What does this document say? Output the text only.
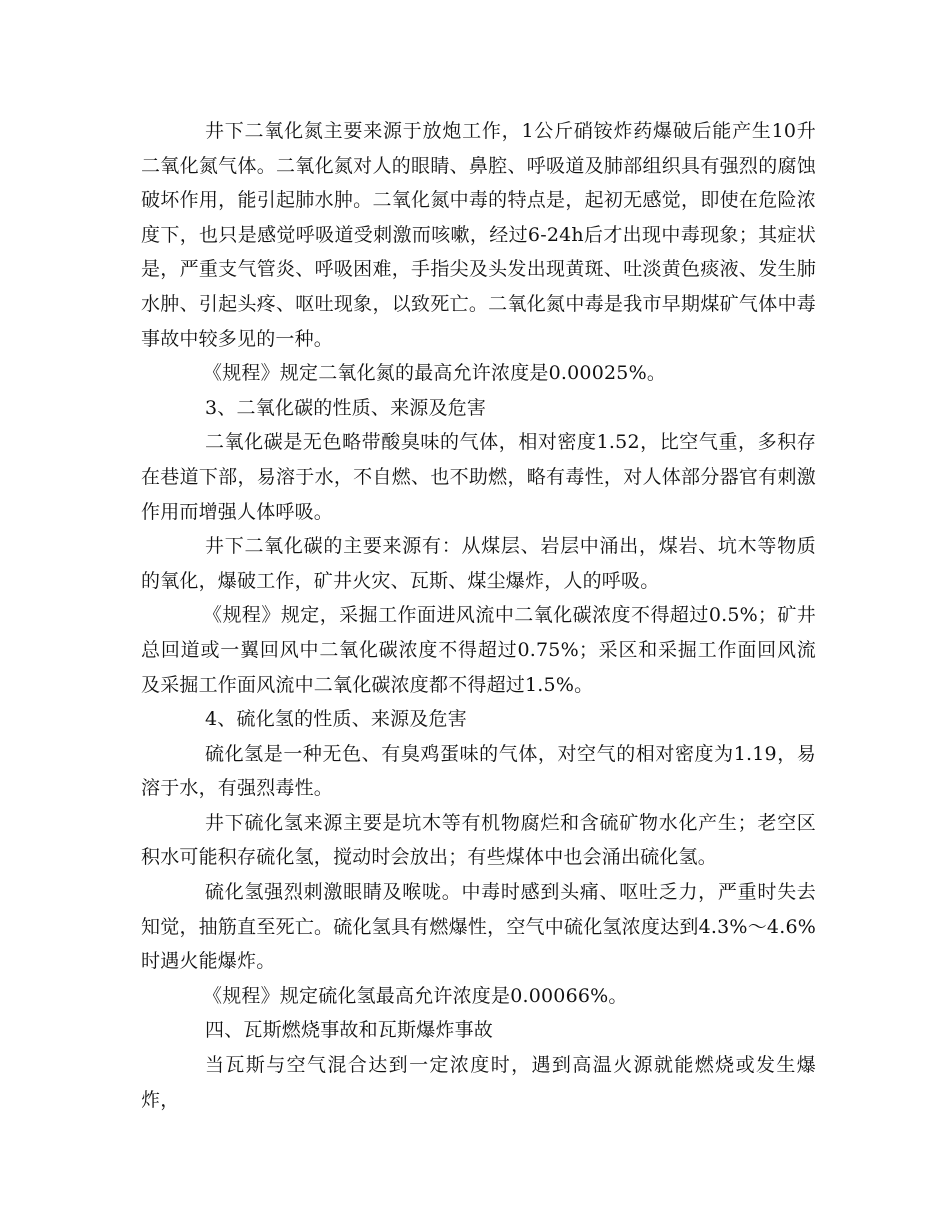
井下二氧化氮主要来源于放炮工作，1公斤硝铵炸药爆破后能产生10升二氧化氮气体。二氧化氮对人的眼睛、鼻腔、呼吸道及肺部组织具有强烈的腐蚀破坏作用，能引起肺水肿。二氧化氮中毒的特点是，起初无感觉，即使在危险浓度下，也只是感觉呼吸道受刺激而咳嗽，经过6-24h后才出现中毒现象；其症状是，严重支气管炎、呼吸困难，手指尖及头发出现黄斑、吐淡黄色痰液、发生肺水肿、引起头疼、呕吐现象，以致死亡。二氧化氮中毒是我市早期煤矿气体中毒事故中较多见的一种。

《规程》规定二氧化氮的最高允许浓度是0.00025%。

3、二氧化碳的性质、来源及危害

二氧化碳是无色略带酸臭味的气体，相对密度1.52，比空气重，多积存在巷道下部，易溶于水，不自燃、也不助燃，略有毒性，对人体部分器官有刺激作用而增强人体呼吸。

井下二氧化碳的主要来源有：从煤层、岩层中涌出，煤岩、坑木等物质的氧化，爆破工作，矿井火灾、瓦斯、煤尘爆炸，人的呼吸。

《规程》规定，采掘工作面进风流中二氧化碳浓度不得超过0.5%；矿井总回道或一翼回风中二氧化碳浓度不得超过0.75%；采区和采掘工作面回风流及采掘工作面风流中二氧化碳浓度都不得超过1.5%。

4、硫化氢的性质、来源及危害

硫化氢是一种无色、有臭鸡蛋味的气体，对空气的相对密度为1.19，易溶于水，有强烈毒性。

井下硫化氢来源主要是坑木等有机物腐烂和含硫矿物水化产生；老空区积水可能积存硫化氢，搅动时会放出；有些煤体中也会涌出硫化氢。

硫化氢强烈刺激眼睛及喉咙。中毒时感到头痛、呕吐乏力，严重时失去知觉，抽筋直至死亡。硫化氢具有燃爆性，空气中硫化氢浓度达到4.3%～4.6%时遇火能爆炸。

《规程》规定硫化氢最高允许浓度是0.00066%。

四、瓦斯燃烧事故和瓦斯爆炸事故

当瓦斯与空气混合达到一定浓度时，遇到高温火源就能燃烧或发生爆炸，
